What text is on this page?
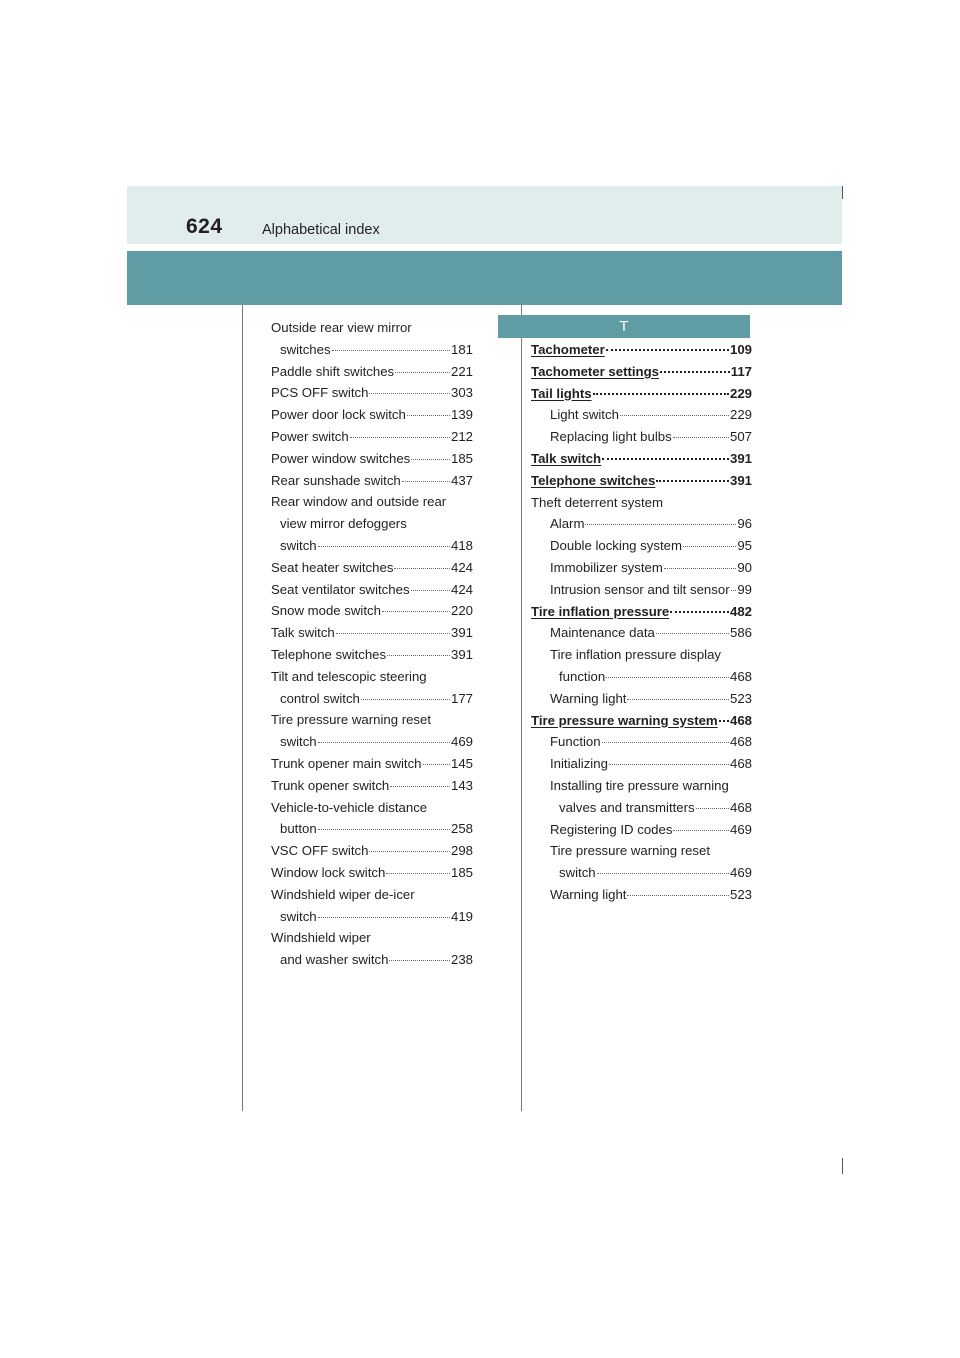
624	Alphabetical index
T
Outside rear view mirror
switches	181
Paddle shift switches	221
PCS OFF switch	303
Power door lock switch	139
Power switch	212
Power window switches	185
Rear sunshade switch	437
Rear window and outside rear
view mirror defoggers
switch	418
Seat heater switches	424
Seat ventilator switches	424
Snow mode switch	220
Talk switch	391
Telephone switches	391
Tilt and telescopic steering
control switch	177
Tire pressure warning reset
switch	469
Trunk opener main switch 145
Trunk opener switch	143
Vehicle-to-vehicle distance
button	258
VSC OFF switch	298
Window lock switch	185
Windshield wiper de-icer
switch	419
Windshield wiper
and washer switch	238
Tachometer	109
Tachometer settings	117
Tail lights	229
Light switch	229
Replacing light bulbs	507
Talk switch	391
Telephone switches	391
Theft deterrent system
Alarm	96
Double locking system	95
Immobilizer system	90
Intrusion sensor and tilt sensor 99
Tire inflation pressure	482
Maintenance data	586
Tire inflation pressure display
function	468
Warning light	523
Tire pressure warning system 468
Function	468
Initializing	468
Installing tire pressure warning
valves and transmitters	468
Registering ID codes	469
Tire pressure warning reset
switch	469
Warning light	523
